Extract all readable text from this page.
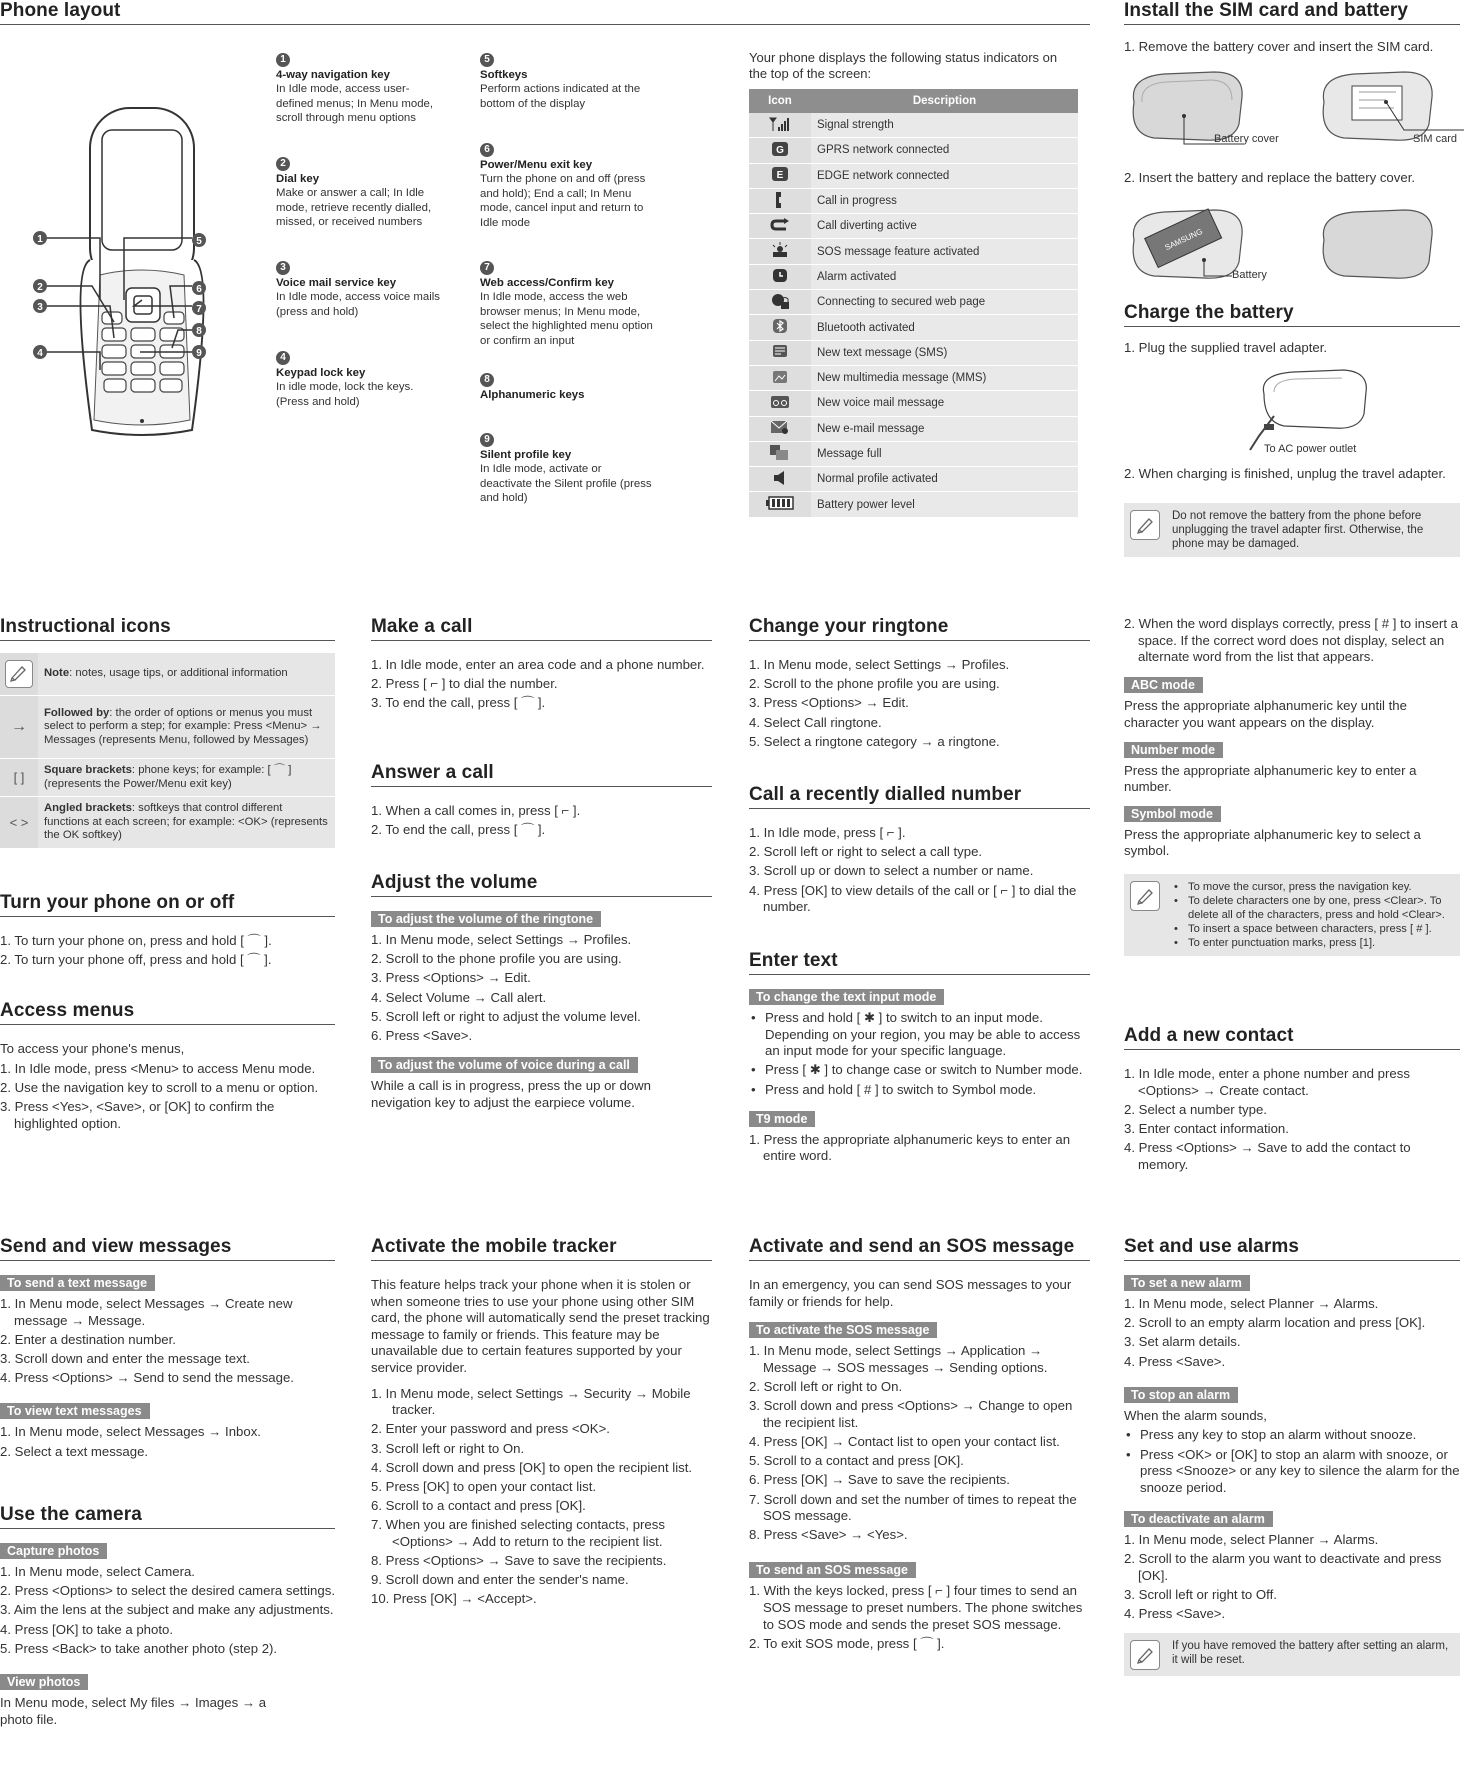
Phone layout
1
2
3
4
5
6
7
8
9
1
4-way navigation key
In Idle mode, access user-defined menus; In Menu mode, scroll through menu options
2
Dial key
Make or answer a call; In Idle mode, retrieve recently dialled, missed, or received numbers
3
Voice mail service key
In Idle mode, access voice mails (press and hold)
4
Keypad lock key
In idle mode, lock the keys. (Press and hold)
5
Softkeys
Perform actions indicated at the bottom of the display
6
Power/Menu exit key
Turn the phone on and off (press and hold); End a call; In Menu mode, cancel input and return to Idle mode
7
Web access/Confirm key
In Idle mode, access the web browser menus; In Menu mode, select the highlighted menu option or confirm an input
8
Alphanumeric keys
9
Silent profile key
In Idle mode, activate or deactivate the Silent profile (press and hold)
Your phone displays the following status indicators on the top of the screen:
Icon	Description
	Signal strength

G	GPRS network connected

E	EDGE network connected
	Call in progress
	Call diverting active
	SOS message feature activated
	Alarm activated
	Connecting to secured web page
	Bluetooth activated
	New text message (SMS)
	New multimedia message (MMS)
	New voice mail message
	New e-mail message
	Message full
	Normal profile activated
	Battery power level
Install the SIM card and battery
1. Remove the battery cover and insert the SIM card.
Battery cover	SIM card
2. Insert the battery and replace the battery cover.
SAMSUNG
Battery
Charge the battery
1. Plug the supplied travel adapter.
To AC power outlet
2. When charging is finished, unplug the travel adapter.
Do not remove the battery from the phone before unplugging the travel adapter first. Otherwise, the phone may be damaged.
Instructional icons
	Note: notes, usage tips, or additional information
→	Followed by: the order of options or menus you must select to perform a step; for example: Press <Menu> → Messages (represents Menu, followed by Messages)
[ ]	Square brackets: phone keys; for example: [ ⌒ ] (represents the Power/Menu exit key)
< >	Angled brackets: softkeys that control different functions at each screen; for example: <OK> (represents the OK softkey)
Turn your phone on or off
1. To turn your phone on, press and hold [ ⌒ ].
2. To turn your phone off, press and hold [ ⌒ ].
Access menus
To access your phone's menus,
1. In Idle mode, press <Menu> to access Menu mode.
2. Use the navigation key to scroll to a menu or option.
3. Press <Yes>, <Save>, or [OK] to confirm the highlighted option.
Make a call
1. In Idle mode, enter an area code and a phone number.
2. Press [ ⌐ ] to dial the number.
3. To end the call, press [ ⌒ ].
Answer a call
1. When a call comes in, press [ ⌐ ].
2. To end the call, press [ ⌒ ].
Adjust the volume
To adjust the volume of the ringtone
1. In Menu mode, select Settings → Profiles.
2. Scroll to the phone profile you are using.
3. Press <Options> → Edit.
4. Select Volume → Call alert.
5. Scroll left or right to adjust the volume level.
6. Press <Save>.
To adjust the volume of voice during a call
While a call is in progress, press the up or down nevigation key to adjust the earpiece volume.
Change your ringtone
1. In Menu mode, select Settings → Profiles.
2. Scroll to the phone profile you are using.
3. Press <Options> → Edit.
4. Select Call ringtone.
5. Select a ringtone category → a ringtone.
Call a recently dialled number
1. In Idle mode, press [ ⌐ ].
2. Scroll left or right to select a call type.
3. Scroll up or down to select a number or name.
4. Press [OK] to view details of the call or [ ⌐ ] to dial the number.
Enter text
To change the text input mode
• Press and hold [ ✱ ] to switch to an input mode. Depending on your region, you may be able to access an input mode for your specific language.
• Press [ ✱ ] to change case or switch to Number mode.
• Press and hold [ # ] to switch to Symbol mode.
T9 mode
1. Press the appropriate alphanumeric keys to enter an entire word.
2. When the word displays correctly, press [ # ] to insert a space. If the correct word does not display, select an alternate word from the list that appears.
ABC mode
Press the appropriate alphanumeric key until the character you want appears on the display.
Number mode
Press the appropriate alphanumeric key to enter a number.
Symbol mode
Press the appropriate alphanumeric key to select a symbol.
• To move the cursor, press the navigation key.
• To delete characters one by one, press <Clear>. To delete all of the characters, press and hold <Clear>.
• To insert a space between characters, press [ # ].
• To enter punctuation marks, press [1].
Add a new contact
1. In Idle mode, enter a phone number and press <Options> → Create contact.
2. Select a number type.
3. Enter contact information.
4. Press <Options> → Save to add the contact to memory.
Send and view messages
To send a text message
1. In Menu mode, select Messages → Create new message → Message.
2. Enter a destination number.
3. Scroll down and enter the message text.
4. Press <Options> → Send to send the message.
To view text messages
1. In Menu mode, select Messages → Inbox.
2. Select a text message.
Use the camera
Capture photos
1. In Menu mode, select Camera.
2. Press <Options> to select the desired camera settings.
3. Aim the lens at the subject and make any adjustments.
4. Press [OK] to take a photo.
5. Press <Back> to take another photo (step 2).
View photos
In Menu mode, select My files → Images → a photo file.
Activate the mobile tracker
This feature helps track your phone when it is stolen or when someone tries to use your phone using other SIM card, the phone will automatically send the preset tracking message to family or friends. This feature may be unavailable due to certain features supported by your service provider.
1. In Menu mode, select Settings → Security → Mobile tracker.
2. Enter your password and press <OK>.
3. Scroll left or right to On.
4. Scroll down and press [OK] to open the recipient list.
5. Press [OK] to open your contact list.
6. Scroll to a contact and press [OK].
7. When you are finished selecting contacts, press <Options> → Add to return to the recipient list.
8. Press <Options> → Save to save the recipients.
9. Scroll down and enter the sender's name.
10. Press [OK] → <Accept>.
Activate and send an SOS message
In an emergency, you can send SOS messages to your family or friends for help.
To activate the SOS message
1. In Menu mode, select Settings → Application → Message → SOS messages → Sending options.
2. Scroll left or right to On.
3. Scroll down and press <Options> → Change to open the recipient list.
4. Press [OK] → Contact list to open your contact list.
5. Scroll to a contact and press [OK].
6. Press [OK] → Save to save the recipients.
7. Scroll down and set the number of times to repeat the SOS message.
8. Press <Save> → <Yes>.
To send an SOS message
1. With the keys locked, press [ ⌐ ] four times to send an SOS message to preset numbers. The phone switches to SOS mode and sends the preset SOS message.
2. To exit SOS mode, press [ ⌒ ].
Set and use alarms
To set a new alarm
1. In Menu mode, select Planner → Alarms.
2. Scroll to an empty alarm location and press [OK].
3. Set alarm details.
4. Press <Save>.
To stop an alarm
When the alarm sounds,
• Press any key to stop an alarm without snooze.
• Press <OK> or [OK] to stop an alarm with snooze, or press <Snooze> or any key to silence the alarm for the snooze period.
To deactivate an alarm
1. In Menu mode, select Planner → Alarms.
2. Scroll to the alarm you want to deactivate and press [OK].
3. Scroll left or right to Off.
4. Press <Save>.
If you have removed the battery after setting an alarm, it will be reset.
